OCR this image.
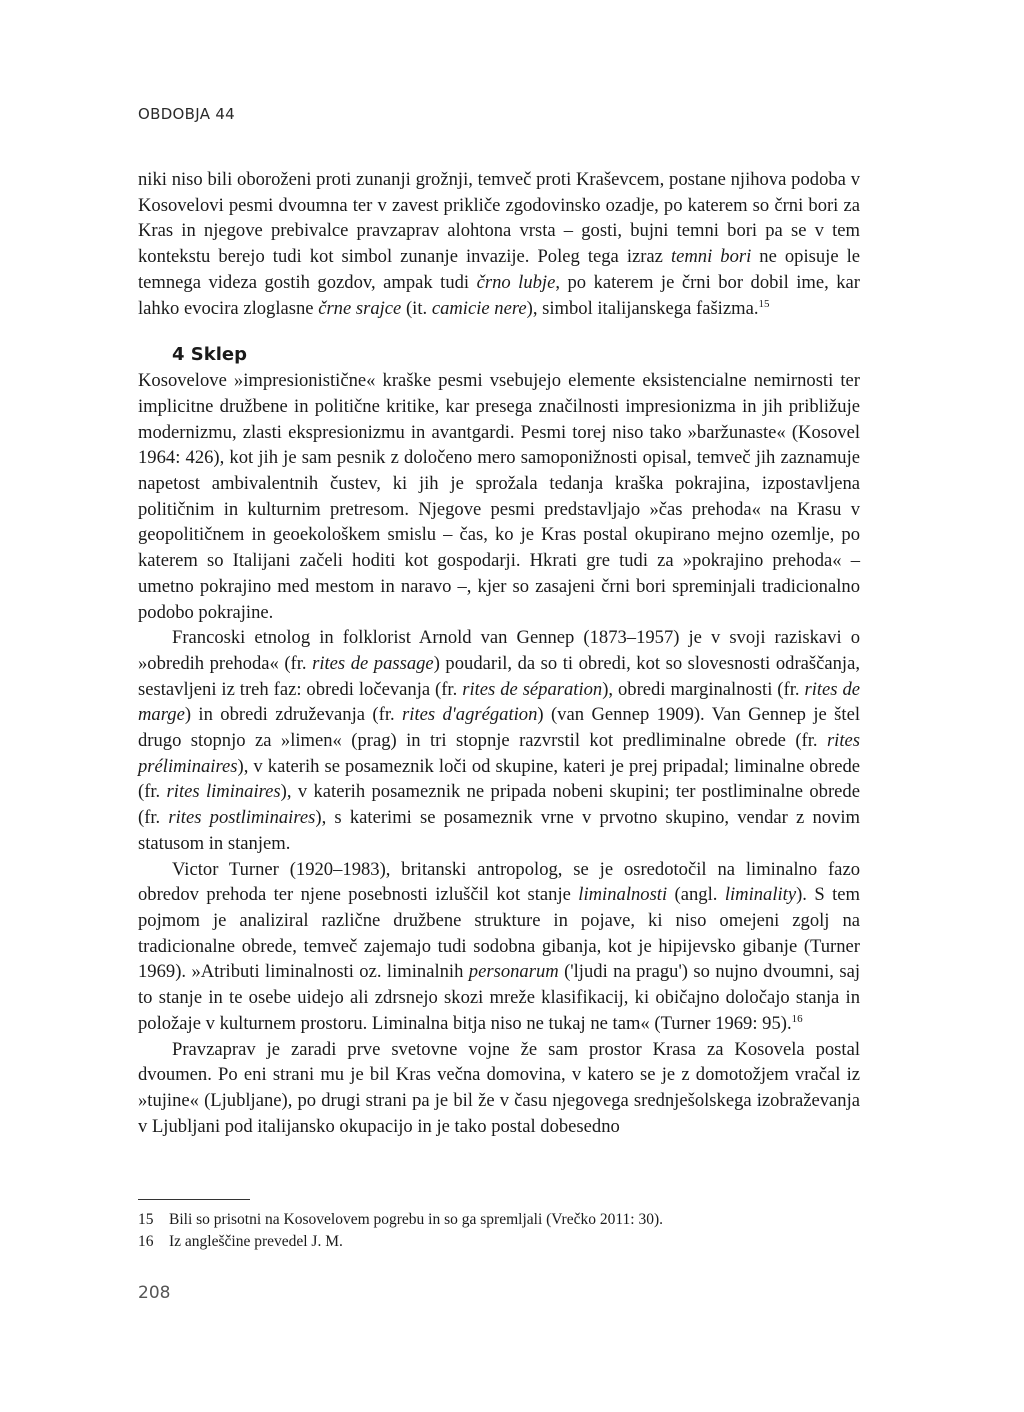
OBDOBJA 44

niki niso bili oboroženi proti zunanji grožnji, temveč proti Kraševcem, postane njihova podoba v Kosovelovi pesmi dvoumna ter v zavest prikliče zgodovinsko ozadje, po katerem so črni bori za Kras in njegove prebivalce pravzaprav alohtona vrsta – gosti, bujni temni bori pa se v tem kontekstu berejo tudi kot simbol zunanje invazije. Poleg tega izraz temni bori ne opisuje le temnega videza gostih gozdov, ampak tudi črno lubje, po katerem je črni bor dobil ime, kar lahko evocira zloglasne črne srajce (it. camicie nere), simbol italijanskega fašizma.$^{15}$

4 Sklep

Kosovelove »impresionistične« kraške pesmi vsebujejo elemente eksistencialne nemirnosti ter implicitne družbene in politične kritike, kar presega značilnosti impresionizma in jih približuje modernizmu, zlasti ekspresionizmu in avantgardi. Pesmi torej niso tako »baržunaste« (Kosovel 1964: 426), kot jih je sam pesnik z določeno mero samoponižnosti opisal, temveč jih zaznamuje napetost ambivalentnih čustev, ki jih je sprožala tedanja kraška pokrajina, izpostavljena političnim in kulturnim pretresom. Njegove pesmi predstavljajo »čas prehoda« na Krasu v geopolitičnem in geoekološkem smislu – čas, ko je Kras postal okupirano mejno ozemlje, po katerem so Italijani začeli hoditi kot gospodarji. Hkrati gre tudi za »pokrajino prehoda« – umetno pokrajino med mestom in naravo –, kjer so zasajeni črni bori spreminjali tradicionalno podobo pokrajine.

Francoski etnolog in folklorist Arnold van Gennep (1873–1957) je v svoji raziskavi o »obredih prehoda« (fr. rites de passage) poudaril, da so ti obredi, kot so slovesnosti odraščanja, sestavljeni iz treh faz: obredi ločevanja (fr. rites de séparation), obredi marginalnosti (fr. rites de marge) in obredi združevanja (fr. rites d'agrégation) (van Gennep 1909). Van Gennep je štel drugo stopnjo za »limen« (prag) in tri stopnje razvrstil kot predliminalne obrede (fr. rites préliminaires), v katerih se posameznik loči od skupine, kateri je prej pripadal; liminalne obrede (fr. rites liminaires), v katerih posameznik ne pripada nobeni skupini; ter postliminalne obrede (fr. rites postliminaires), s katerimi se posameznik vrne v prvotno skupino, vendar z novim statusom in stanjem.

Victor Turner (1920–1983), britanski antropolog, se je osredotočil na liminalno fazo obredov prehoda ter njene posebnosti izluščil kot stanje liminalnosti (angl. liminality). S tem pojmom je analiziral različne družbene strukture in pojave, ki niso omejeni zgolj na tradicionalne obrede, temveč zajemajo tudi sodobna gibanja, kot je hipijevsko gibanje (Turner 1969). »Atributi liminalnosti oz. liminalnih personarum ('ljudi na pragu') so nujno dvoumni, saj to stanje in te osebe uidejo ali zdrsnejo skozi mreže klasifikacij, ki običajno določajo stanja in položaje v kulturnem prostoru. Liminalna bitja niso ne tukaj ne tam« (Turner 1969: 95).$^{16}$

Pravzaprav je zaradi prve svetovne vojne že sam prostor Krasa za Kosovela postal dvoumen. Po eni strani mu je bil Kras večna domovina, v katero se je z domotožjem vračal iz »tujine« (Ljubljane), po drugi strani pa je bil že v času njegovega srednješolskega izobraževanja v Ljubljani pod italijansko okupacijo in je tako postal dobesedno

15	Bili so prisotni na Kosovelovem pogrebu in so ga spremljali (Vrečko 2011: 30).
16	Iz angleščine prevedel J. M.
208
